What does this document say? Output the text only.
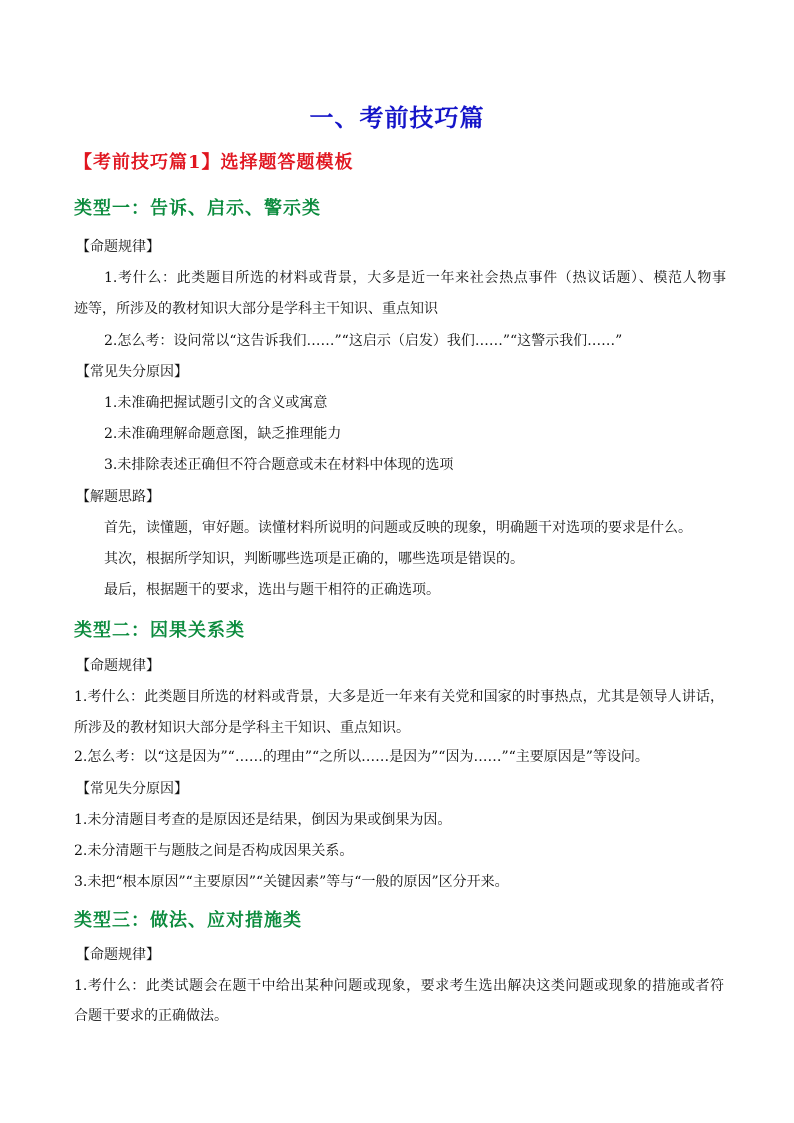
一、考前技巧篇
【考前技巧篇1】选择题答题模板
类型一：告诉、启示、警示类
【命题规律】
1.考什么：此类题目所选的材料或背景，大多是近一年来社会热点事件（热议话题）、模范人物事
迹等，所涉及的教材知识大部分是学科主干知识、重点知识
2.怎么考：设问常以“这告诉我们……”“这启示（启发）我们……”“这警示我们……”
【常见失分原因】
1.未准确把握试题引文的含义或寓意
2.未准确理解命题意图，缺乏推理能力
3.未排除表述正确但不符合题意或未在材料中体现的选项
【解题思路】
首先，读懂题，审好题。读懂材料所说明的问题或反映的现象，明确题干对选项的要求是什么。
其次，根据所学知识，判断哪些选项是正确的，哪些选项是错误的。
最后，根据题干的要求，选出与题干相符的正确选项。
类型二：因果关系类
【命题规律】
1.考什么：此类题目所选的材料或背景，大多是近一年来有关党和国家的时事热点，尤其是领导人讲话，
所涉及的教材知识大部分是学科主干知识、重点知识。
2.怎么考：以“这是因为”“……的理由”“之所以……是因为”“因为……”“主要原因是”等设问。
【常见失分原因】
1.未分清题目考查的是原因还是结果，倒因为果或倒果为因。
2.未分清题干与题肢之间是否构成因果关系。
3.未把“根本原因”“主要原因”“关键因素”等与“一般的原因”区分开来。
类型三：做法、应对措施类
【命题规律】
1.考什么：此类试题会在题干中给出某种问题或现象，要求考生选出解决这类问题或现象的措施或者符
合题干要求的正确做法。
